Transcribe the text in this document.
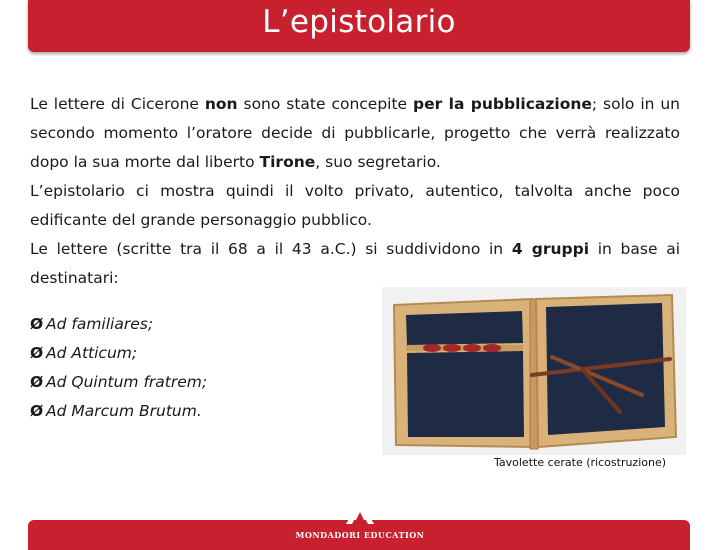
L’epistolario

Le lettere di Cicerone non sono state concepite per la pubblicazione; solo in un secondo momento l’oratore decide di pubblicarle, progetto che verrà realizzato dopo la sua morte dal liberto Tirone, suo segretario.

L’epistolario ci mostra quindi il volto privato, autentico, talvolta anche poco edificante del grande personaggio pubblico.

Le lettere (scritte tra il 68 a il 43 a.C.) si suddividono in 4 gruppi in base ai destinatari:

Ø Ad familiares;
Ø Ad Atticum;
Ø Ad Quintum fratrem;
Ø Ad Marcum Brutum.
Tavolette cerate (ricostruzione)
MONDADORI EDUCATION
